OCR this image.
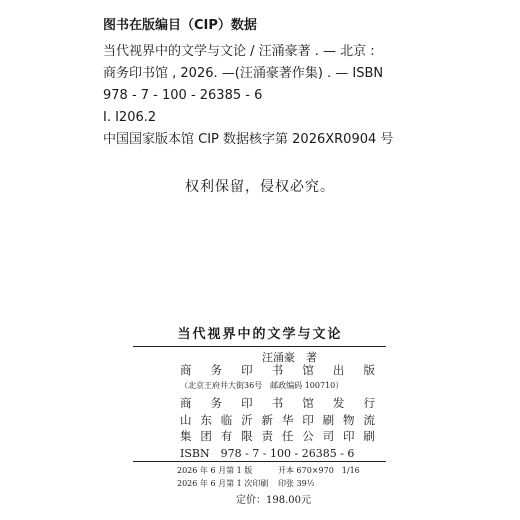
图书在版编目（CIP）数据
当代视界中的文学与文论 / 汪涌豪著 . — 北京 :
商务印书馆 , 2026. —(汪涌豪著作集) . — ISBN
978 - 7 - 100 - 26385 - 6
Ⅰ. I206.2
中国国家版本馆 CIP 数据核字第 2026XR0904 号
权利保留，侵权必究。
当代视界中的文学与文论
汪涌豪　著
商 务 印 书 馆 出 版
（北京王府井大街36号　邮政编码 100710）
商 务 印 书 馆 发 行
山 东 临 沂 新 华 印 刷 物 流
集 团 有 限 责 任 公 司 印 刷
ISBN　978 - 7 - 100 - 26385 - 6
2026 年 6 月第 1 版	开本 670×970　1/16
2026 年 6 月第 1 次印刷 印张 39½
定价：198.00元
